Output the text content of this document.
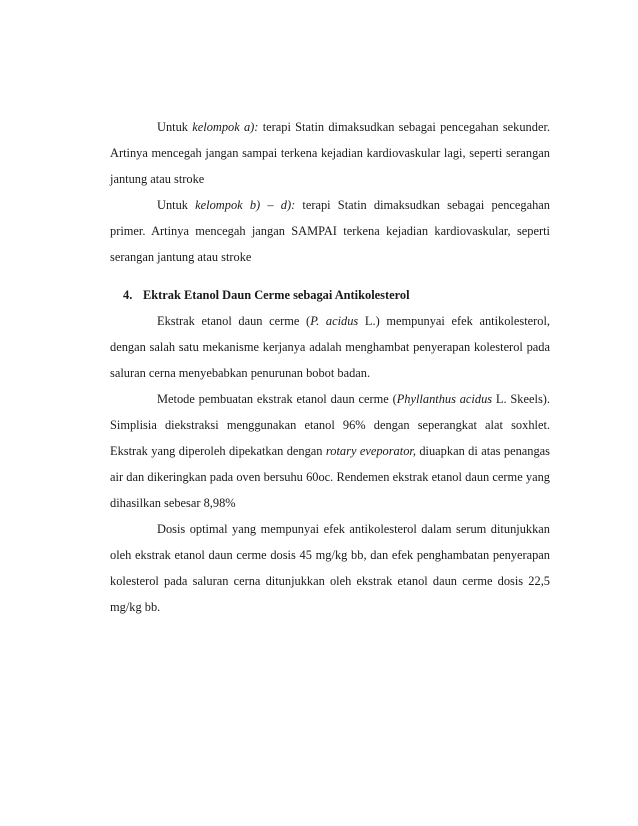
Untuk kelompok a): terapi Statin dimaksudkan sebagai pencegahan sekunder. Artinya mencegah jangan sampai terkena kejadian kardiovaskular lagi, seperti serangan jantung atau stroke

Untuk kelompok b) – d): terapi Statin dimaksudkan sebagai pencegahan primer. Artinya mencegah jangan SAMPAI terkena kejadian kardiovaskular, seperti serangan jantung atau stroke

4. Ektrak Etanol Daun Cerme sebagai Antikolesterol

Ekstrak etanol daun cerme (P. acidus L.) mempunyai efek antikolesterol, dengan salah satu mekanisme kerjanya adalah menghambat penyerapan kolesterol pada saluran cerna menyebabkan penurunan bobot badan.

Metode pembuatan ekstrak etanol daun cerme (Phyllanthus acidus L. Skeels). Simplisia diekstraksi menggunakan etanol 96% dengan seperangkat alat soxhlet. Ekstrak yang diperoleh dipekatkan dengan rotary eveporator, diuapkan di atas penangas air dan dikeringkan pada oven bersuhu 60oc. Rendemen ekstrak etanol daun cerme yang dihasilkan sebesar 8,98%

Dosis optimal yang mempunyai efek antikolesterol dalam serum ditunjukkan oleh ekstrak etanol daun cerme dosis 45 mg/kg bb, dan efek penghambatan penyerapan kolesterol pada saluran cerna ditunjukkan oleh ekstrak etanol daun cerme dosis 22,5 mg/kg bb.
